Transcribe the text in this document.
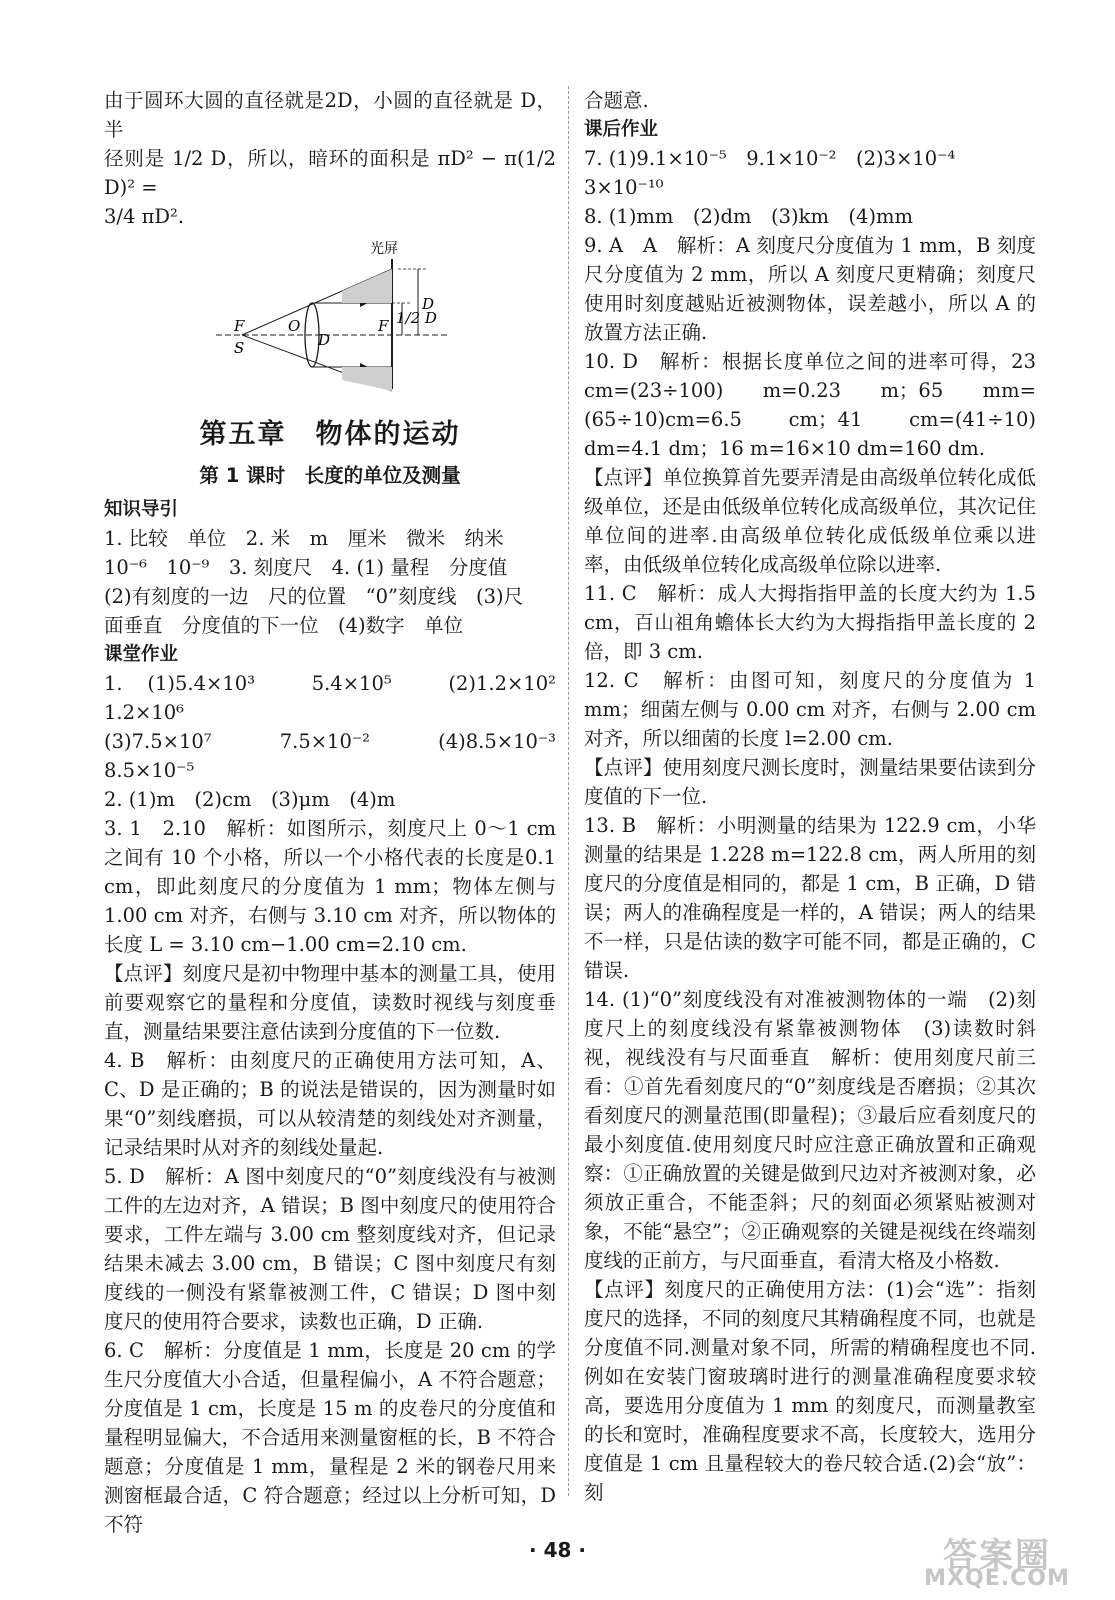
由于圆环大圆的直径就是2D，小圆的直径就是 D，半

径则是 1/2 D，所以，暗环的面积是 πD² − π(1/2 D)² =

3/4 πD².

光屏
F	O
S	D
F 1/2 D
D
第五章　物体的运动
第 1 课时　长度的单位及测量

知识导引

1. 比较　单位　2. 米　m　厘米　微米　纳米

10⁻⁶　10⁻⁹　3. 刻度尺　4. (1) 量程　分度值

(2)有刻度的一边　尺的位置　“0”刻度线　(3)尺

面垂直　分度值的下一位　(4)数字　单位

课堂作业

1. (1)5.4×10³　5.4×10⁵　(2)1.2×10²　1.2×10⁶

(3)7.5×10⁷　7.5×10⁻²　(4)8.5×10⁻³　8.5×10⁻⁵

2. (1)m　(2)cm　(3)μm　(4)m

3. 1　2.10　解析：如图所示，刻度尺上 0～1 cm 之间有 10 个小格，所以一个小格代表的长度是0.1 cm，即此刻度尺的分度值为 1 mm；物体左侧与 1.00 cm 对齐，右侧与 3.10 cm 对齐，所以物体的长度 L = 3.10 cm−1.00 cm=2.10 cm.

【点评】刻度尺是初中物理中基本的测量工具，使用前要观察它的量程和分度值，读数时视线与刻度垂直，测量结果要注意估读到分度值的下一位数.

4. B　解析：由刻度尺的正确使用方法可知，A、C、D 是正确的；B 的说法是错误的，因为测量时如果“0”刻线磨损，可以从较清楚的刻线处对齐测量，记录结果时从对齐的刻线处量起.

5. D　解析：A 图中刻度尺的“0”刻度线没有与被测工件的左边对齐，A 错误；B 图中刻度尺的使用符合要求，工件左端与 3.00 cm 整刻度线对齐，但记录结果未减去 3.00 cm，B 错误；C 图中刻度尺有刻度线的一侧没有紧靠被测工件，C 错误；D 图中刻度尺的使用符合要求，读数也正确，D 正确.

6. C　解析：分度值是 1 mm，长度是 20 cm 的学生尺分度值大小合适，但量程偏小，A 不符合题意；分度值是 1 cm，长度是 15 m 的皮卷尺的分度值和量程明显偏大，不合适用来测量窗框的长，B 不符合题意；分度值是 1 mm，量程是 2 米的钢卷尺用来测窗框最合适，C 符合题意；经过以上分析可知，D 不符

合题意.

课后作业

7. (1)9.1×10⁻⁵　9.1×10⁻²　(2)3×10⁻⁴

3×10⁻¹⁰

8. (1)mm　(2)dm　(3)km　(4)mm

9. A　A　解析：A 刻度尺分度值为 1 mm，B 刻度尺分度值为 2 mm，所以 A 刻度尺更精确；刻度尺使用时刻度越贴近被测物体，误差越小，所以 A 的放置方法正确.

10. D　解析：根据长度单位之间的进率可得，23 cm=(23÷100) m=0.23 m；65 mm=(65÷10)cm=6.5 cm；41 cm=(41÷10) dm=4.1 dm；16 m=16×10 dm=160 dm.

【点评】单位换算首先要弄清是由高级单位转化成低级单位，还是由低级单位转化成高级单位，其次记住单位间的进率.由高级单位转化成低级单位乘以进率，由低级单位转化成高级单位除以进率.

11. C　解析：成人大拇指指甲盖的长度大约为 1.5 cm，百山祖角蟾体长大约为大拇指指甲盖长度的 2 倍，即 3 cm.

12. C　解析：由图可知，刻度尺的分度值为 1 mm；细菌左侧与 0.00 cm 对齐，右侧与 2.00 cm 对齐，所以细菌的长度 l=2.00 cm.

【点评】使用刻度尺测长度时，测量结果要估读到分度值的下一位.

13. B　解析：小明测量的结果为 122.9 cm，小华测量的结果是 1.228 m=122.8 cm，两人所用的刻度尺的分度值是相同的，都是 1 cm，B 正确，D 错误；两人的准确程度是一样的，A 错误；两人的结果不一样，只是估读的数字可能不同，都是正确的，C 错误.

14. (1)“0”刻度线没有对准被测物体的一端　(2)刻度尺上的刻度线没有紧靠被测物体　(3)读数时斜视，视线没有与尺面垂直　解析：使用刻度尺前三看：①首先看刻度尺的“0”刻度线是否磨损；②其次看刻度尺的测量范围(即量程)；③最后应看刻度尺的最小刻度值.使用刻度尺时应注意正确放置和正确观察：①正确放置的关键是做到尺边对齐被测对象，必须放正重合，不能歪斜；尺的刻面必须紧贴被测对象，不能“悬空”；②正确观察的关键是视线在终端刻度线的正前方，与尺面垂直，看清大格及小格数.

【点评】刻度尺的正确使用方法：(1)会“选”：指刻度尺的选择，不同的刻度尺其精确程度不同，也就是分度值不同.测量对象不同，所需的精确程度也不同.例如在安装门窗玻璃时进行的测量准确程度要求较高，要选用分度值为 1 mm 的刻度尺，而测量教室的长和宽时，准确程度要求不高，长度较大，选用分度值是 1 cm 且量程较大的卷尺较合适.(2)会“放”：刻

· 48 ·	答案圈
MXQE.COM
